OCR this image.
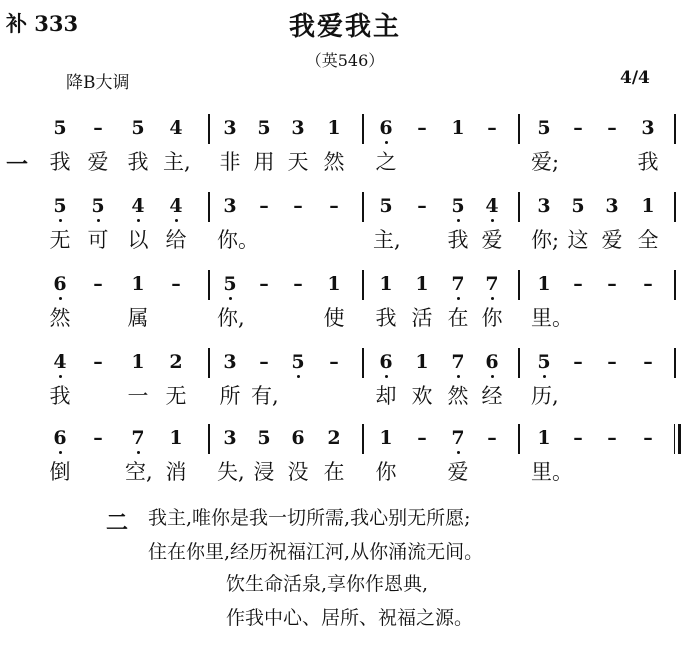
补 333	我爱我主
（英546）
降B大调	4/4
5 – 5 4 3 5 3 1 6 – 1 – 5 – – 3
一 我 爱 我 主, 非 用 天 然 之	爱;	我
5 5 4 4 3 – – – 5 – 5 4 3 5 3 1
无 可 以 给 你。	主, 我 爱 你; 这 爱 全
6 – 1 – 5 – – 1 1 1 7 7 1 – – –
然	属	你,	使 我 活 在 你 里。
4 – 1 2 3 – 5 – 6 1 7 6 5 – – –
我	一 无 所 有,	却 欢 然 经 历,
6 – 7 1 3 5 6 2 1 – 7 – 1 – – –
倒	空, 消 失, 浸 没 在 你 爱	里。
二 我主,唯你是我一切所需,我心别无所愿;
住在你里,经历祝福江河,从你涌流无间。
饮生命活泉,享你作恩典,
作我中心、居所、祝福之源。
